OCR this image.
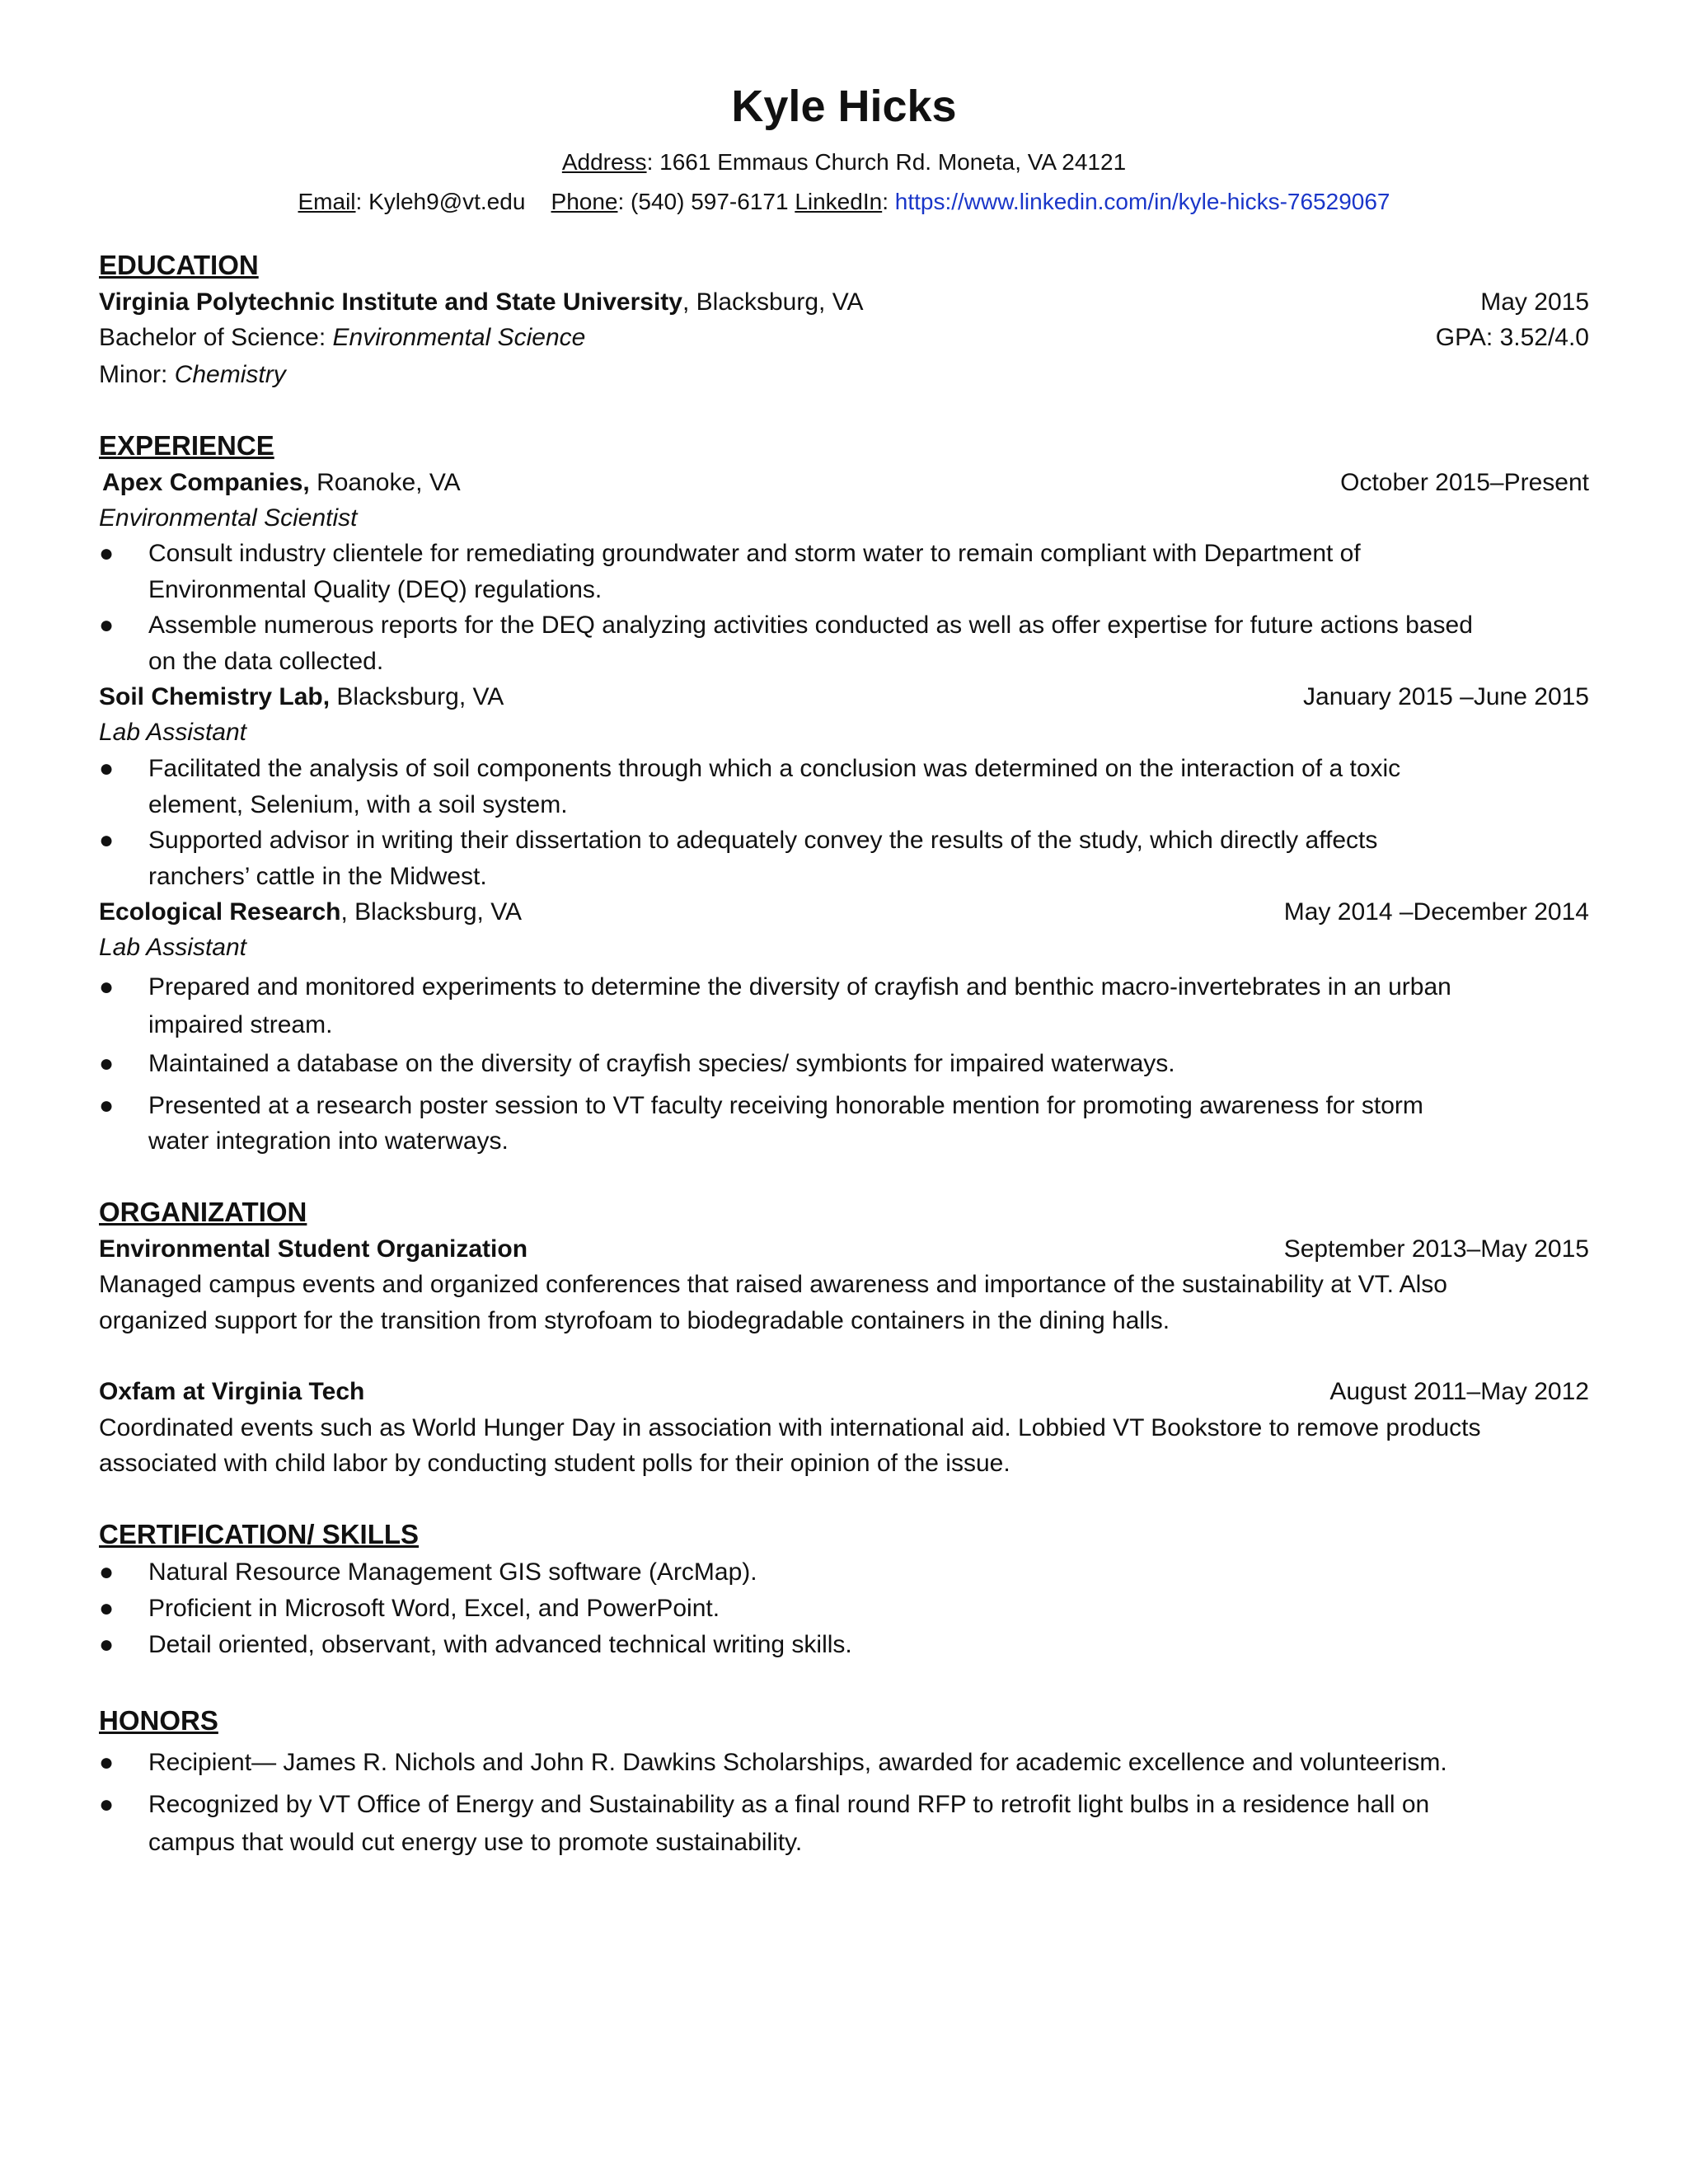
Kyle Hicks
Address: 1661 Emmaus Church Rd. Moneta, VA 24121
Email: Kyleh9@vt.edu Phone: (540) 597-6171 LinkedIn: https://www.linkedin.com/in/kyle-hicks-76529067
EDUCATION
Virginia Polytechnic Institute and State University, Blacksburg, VA	May 2015
Bachelor of Science: Environmental Science	GPA: 3.52/4.0
Minor: Chemistry
EXPERIENCE
Apex Companies, Roanoke, VA	October 2015–Present
Environmental Scientist
● Consult industry clientele for remediating groundwater and storm water to remain compliant with Department of
Environmental Quality (DEQ) regulations.
● Assemble numerous reports for the DEQ analyzing activities conducted as well as offer expertise for future actions based
on the data collected.
Soil Chemistry Lab, Blacksburg, VA	January 2015 –June 2015
Lab Assistant
● Facilitated the analysis of soil components through which a conclusion was determined on the interaction of a toxic
element, Selenium, with a soil system.
● Supported advisor in writing their dissertation to adequately convey the results of the study, which directly affects
ranchers’ cattle in the Midwest.
Ecological Research, Blacksburg, VA	May 2014 –December 2014
Lab Assistant
● Prepared and monitored experiments to determine the diversity of crayfish and benthic macro-invertebrates in an urban
impaired stream.
● Maintained a database on the diversity of crayfish species/ symbionts for impaired waterways.
● Presented at a research poster session to VT faculty receiving honorable mention for promoting awareness for storm
water integration into waterways.
ORGANIZATION
Environmental Student Organization	September 2013–May 2015
Managed campus events and organized conferences that raised awareness and importance of the sustainability at VT. Also
organized support for the transition from styrofoam to biodegradable containers in the dining halls.
Oxfam at Virginia Tech	August 2011–May 2012
Coordinated events such as World Hunger Day in association with international aid. Lobbied VT Bookstore to remove products
associated with child labor by conducting student polls for their opinion of the issue.
CERTIFICATION/ SKILLS
● Natural Resource Management GIS software (ArcMap).
● Proficient in Microsoft Word, Excel, and PowerPoint.
● Detail oriented, observant, with advanced technical writing skills.
HONORS
● Recipient— James R. Nichols and John R. Dawkins Scholarships, awarded for academic excellence and volunteerism.
● Recognized by VT Office of Energy and Sustainability as a final round RFP to retrofit light bulbs in a residence hall on
campus that would cut energy use to promote sustainability.
